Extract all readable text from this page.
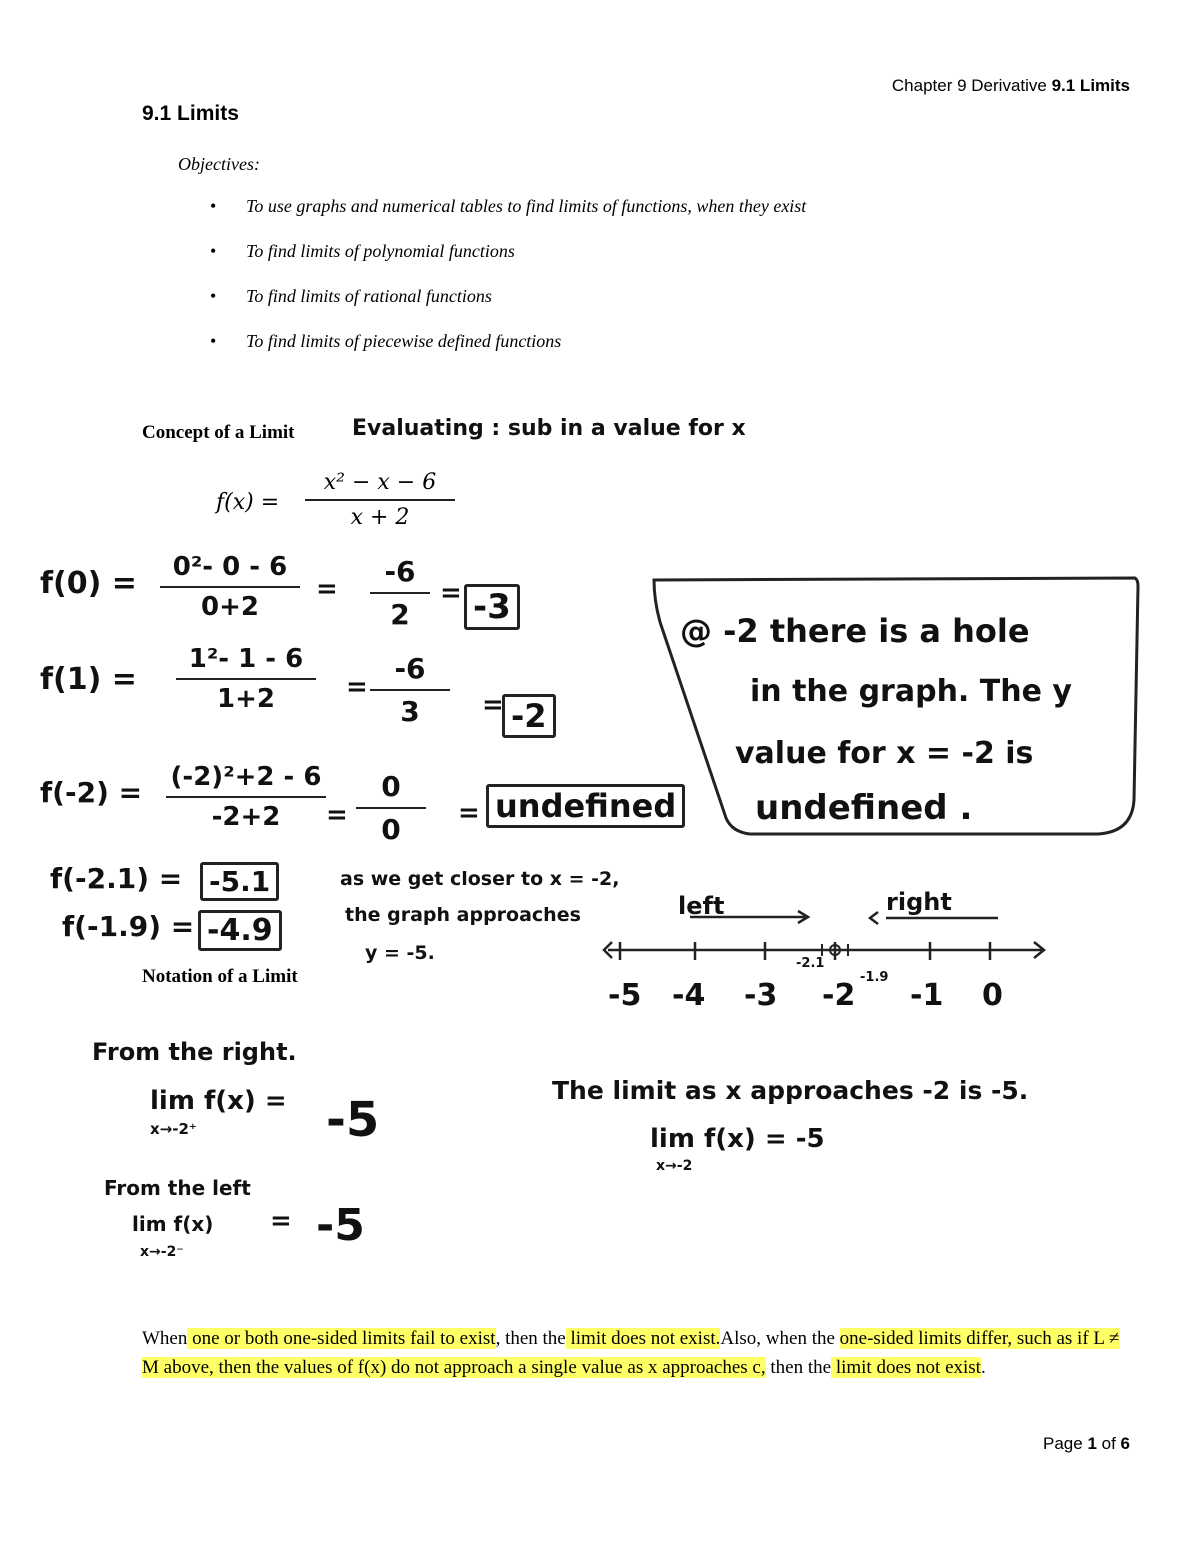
Chapter 9 Derivative 9.1 Limits
9.1 Limits
Objectives:
• To use graphs and numerical tables to find limits of functions, when they exist
• To find limits of polynomial functions
• To find limits of rational functions
• To find limits of piecewise defined functions
Concept of a Limit	Evaluating : sub in a value for x
f(x) =
x² − x − 6
x + 2
f(0) =	0²- 0 - 6
0+2
=
-6
2
= -3
f(1) =
1²- 1 - 6
1+2	=
-6
3	= -2
f(-2) = (-2)²+2 - 6
-2+2	=
0
0	= undefined
f(-2.1) = -5.1
f(-1.9) = -4.9
@ -2 there is a hole
in the graph. The y
value for x = -2 is
undefined .
as we get closer to x = -2,
the graph approaches
y = -5.
left	right
-5 -4 -3 -2 -1 0
-2.1
-1.9
Notation of a Limit
From the right.
lim f(x) =
x→-2⁺	-5
From the left
lim f(x)
x→-2⁻
= -5
The limit as x approaches -2 is -5.
lim f(x) = -5
x→-2
When one or both one-sided limits fail to exist, then the limit does not exist.Also, when the one-sided limits differ, such as if L ≠ M above, then the values of f(x) do not approach a single value as x approaches c, then the limit does not exist.
Page 1 of 6
